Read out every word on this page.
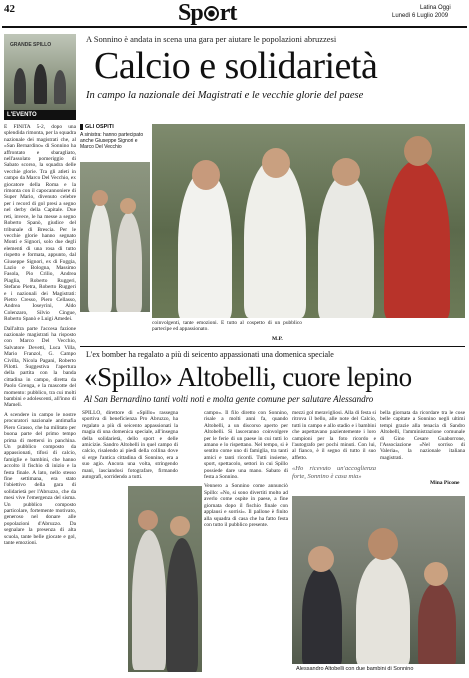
42	Sp rt	Latina Oggi
Lunedì 6 Luglio 2009
GRANDE SPILLO
A Sonnino è andata in scena una gara per aiutare le popolazioni abruzzesi
Calcio e solidarietà
In campo la nazionale dei Magistrati e le vecchie glorie del paese
L'EVENTO

È FINITA 5-2, dopo una splendida rimonta, per la squadra nazionale dei magistrati che, al «San Bernardino» di Sonnino ha affrontato e sbaragliato, nell'assolato pomeriggio di Sabato scorso, la squadra delle vecchie glorie. Tra gli atleti in campo da Marco Del Vecchio, ex giocatore della Roma e la rimonta con il capocannoniere di Super Mario, divenuto celebre per i record di gol presi a segno nel derby della Capitale. Due reti, invece, le ha messe a segno Roberto Spanò, giudice del tribunale di Brescia. Per le vecchie glorie hanno segnato Monti e Signori, solo due degli elementi di una rosa di tutto rispetto e formata, appunto, dal Giuseppe Signori, ex di Foggia, Lazio e Bologna, Massimo Fasola, Pio Crilio, Andrea Piaglia, Roberto Ruggeri, Stefano Pietra, Roberto Ruggeri e i nazionali dei Magistrati: Pietro Cresso, Piero Cellasso, Andrea Ioseyrini, Aldo Colenzaro, Silvio Cingue, Roberto Spanò e Luigi Amedei.

Dall'altra parte l'accesa fazione nazionale magistrati ha risposto con Marco Del Vecchio, Salvatore Devetti, Luca Villa, Mario Franzol, G. Campo Civilla, Nicola Pagani, Roberto Pilotti. Suggestiva l'apertura della partita con la banda cittadina in campo, diretta da Paolo Grenga, e la mascotte del momento: pubblico, tra cui molti bambini e adolescenti, all'inno di Mameli.

A scendere in campo le nostre procuratori nazionale antimafia Piero Grasso, che ha militato per buona parte del primo tempo prima di mettersi in panchina. Un pubblico composto da appassionati, tifosi di calcio, famiglie e bambini, che hanno accolto il fischio di inizio e la festa finale. A lato, nello stesso fine settimana, era stato l'obiettivo della gara di solidarietà per l'Abruzzo, che da mesi vive l'emergenza del sisma. Un pubblico composto particolare, fortemente motivato, generoso nel donare alle popolazioni d'Abruzzo. Da segnalare la presenza di alta scuola, tante belle giocate e gol, tante emozioni.

GLI OSPITI
A sinistra: hanno partecipato anche Giuseppe Signori e Marco Del Vecchio

coinvolgenti, tante emozioni. E tutto al cospetto di un pubblico partecipe ed appassionato.

M.P.
L'ex bomber ha regalato a più di seicento appassionati una domenica speciale
«Spillo» Altobelli, cuore lepino
Al San Bernardino tanti volti noti e molta gente comune per salutare Alessandro

SPILLO, direttore di «Spillo» rassegna sportiva di beneficienza Pro Abruzzo, ha regalato a più di seicento appassionati la magia di una domenica speciale, all'insegna della solidarietà, dello sport e delle amicizie. Sandro Altobelli in quel campo di calcio, risalendo ai piedi della collina dove si erge l'antica cittadina di Sonnino, era a suo agio. Ancora una volta, stringendo mani, lasciandosi fotografare, firmando autografi, sorridendo a tutti.

campo». Il filo diretto con Sonnino, risale a molti anni fa, quando Altobelli, a un discorso aperto per Altobelli. Si lasceranno coinvolgere per le ferie di un paese in cui tutti lo amano e lo rispettano. Nel tempo, si è sentito come uno di famiglia, tra tanti amici e tanti ricordi. Tutti insieme, sport, spettacolo, settori in cui Spillo possiede dare una mano. Sabato di festa a Sonnino.

Vennero a Sonnino come annunciò Spillo: «No, si sono divertiti molto ad averlo come ospite in paese, a fine giornata dopo il fischio finale con applausi e sorrisi». Il pallone è finito alla squadra di casa che ha fatto festa con tutto il pubblico presente.

mezzi gol meravigliosi. Alla di festa si ritrova il bello, alle note del Calcio, tutti in campo e allo stadio e i bambini che aspettavano pazientemente i loro campioni per la foto ricordo e l'autografo per pochi minuti. Con lui, al fianco, è il segno di tutto il suo affetto.

«Ho ricevuto un'accoglienza forte, Sonnino è casa mia»

bella giornata da ricordare tra le cose belle capitate a Sonnino negli ultimi tempi grazie alla tenacia di Sandro Altobelli, l'amministrazione comunale di Gino Cesare Guaborrone, l'Associazione «Nel sorriso di Valeria», la nazionale italiana magistrati.

Mina Picone
Alessandro Altobelli con due bambini di Sonnino
